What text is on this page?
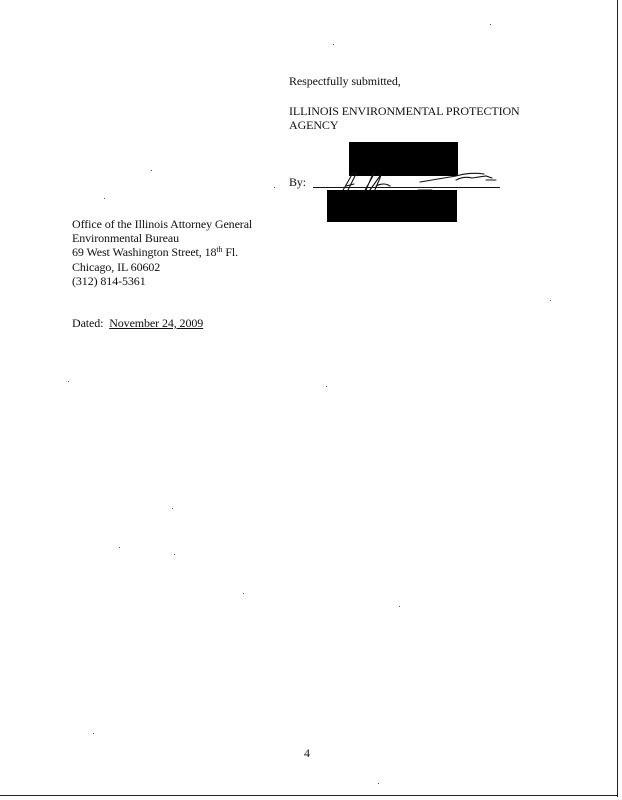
Respectfully submitted,
ILLINOIS ENVIRONMENTAL PROTECTION
AGENCY
By:
Office of the Illinois Attorney General
Environmental Bureau
69 West Washington Street, 18th Fl.
Chicago, IL 60602
(312) 814-5361
Dated: November 24, 2009
4
